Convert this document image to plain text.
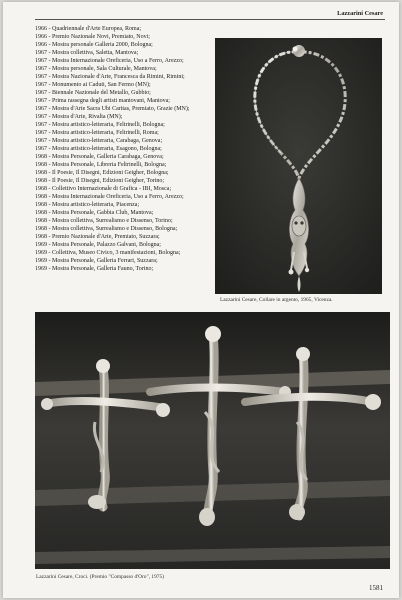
Lazzarini Cesare
1966 - Quadriennale d'Arte Europea, Roma;
1966 - Premio Nazionale Novi, Premiato, Novi;
1966 - Mostra personale Galleria 2000, Bologna;
1967 - Mostra collettiva, Saletta, Mantova;
1967 - Mostra Internazionale Oreficeria, Uso a Ferro, Arezzo;
1967 - Mostra personale, Sala Culturale, Mantova;
1967 - Mostra Nazionale d'Arte, Francesca da Rimini, Rimini;
1967 - Monumento ai Caduti, San Fermo (MN);
1967 - Biennale Nazionale del Metallo, Gubbio;
1967 - Prima rassegna degli artisti mantovani, Mantova;
1967 - Mostra d'Arte Sacra Ubi Caritas, Premiato, Grazie (MN);
1967 - Mostra d'Arte, Rivalta (MN);
1967 - Mostra artistico-letteraria, Feltrinelli, Bologna;
1967 - Mostra artistico-letteraria, Feltrinelli, Roma;
1967 - Mostra artistico-letteraria, Carabaga, Genova;
1967 - Mostra artistico-letteraria, Esagono, Bologna;
1968 - Mostra Personale, Galleria Carabaga, Genova;
1968 - Mostra Personale, Libreria Feltrinelli, Bologna;
1968 - Il Poesie, Il Disegni, Edizioni Geigher, Bologna;
1968 - Il Poesie, Il Disegni, Edizioni Geigher, Torino;
1968 - Collettivo Internazionale di Grafica - IBI, Mosca;
1968 - Mostra Internazionale Oreficeria, Uso a Ferro, Arezzo;
1968 - Mostra artistico-letteraria, Piacenza;
1968 - Mostra Personale, Gabbia Club, Mantova;
1968 - Mostra collettiva, Surrealismo e Dissenso, Torino;
1968 - Mostra collettiva, Surrealismo e Dissenso, Bologna;
1968 - Premio Nazionale d'Arte, Premiato, Suzzara;
1969 - Mostra Personale, Palazzo Galvani, Bologna;
1969 - Collettiva, Museo Civico, 3 manifestazioni, Bologna;
1969 - Mostra Personale, Galleria Ferrari, Suzzara;
1969 - Mostra Personale, Galleria Fauno, Torino;
Lazzarini Cesare, Collare in argento, 1965, Vicenza.
Lazzarini Cesare, Croci. (Premio "Compasso d'Oro", 1975)
1581
